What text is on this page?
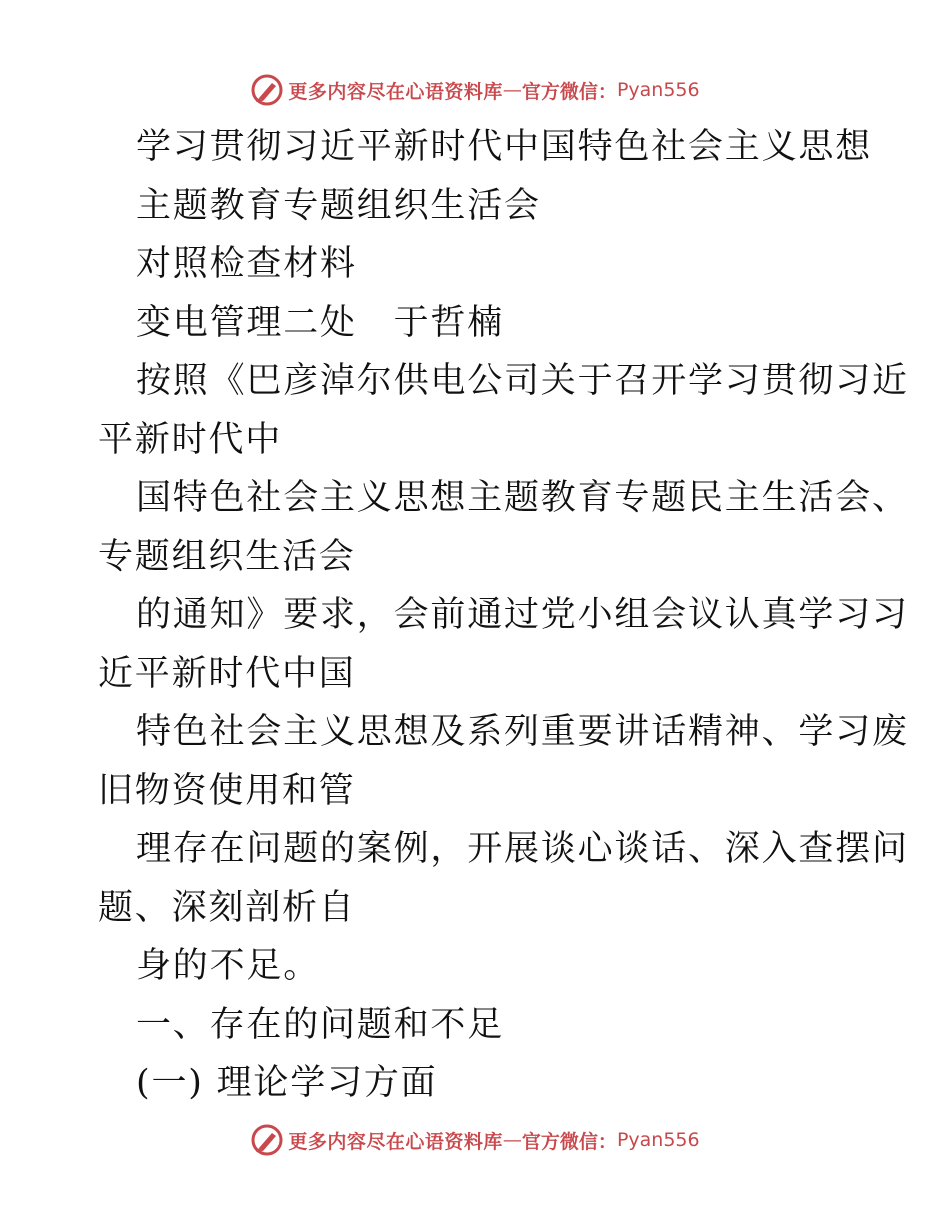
更多内容尽在心语资料库 — 官方微信： Pyan556
学习贯彻习近平新时代中国特色社会主义思想
主题教育专题组织生活会
对照检查材料
变电管理二处　于哲楠
按照《巴彦淖尔供电公司关于召开学习贯彻习近
平新时代中
国特色社会主义思想主题教育专题民主生活会、
专题组织生活会
的通知》要求，会前通过党小组会议认真学习习
近平新时代中国
特色社会主义思想及系列重要讲话精神、学习废
旧物资使用和管
理存在问题的案例，开展谈心谈话、深入查摆问
题、深刻剖析自
身的不足。
一、存在的问题和不足
(一) 理论学习方面
更多内容尽在心语资料库 — 官方微信： Pyan556
